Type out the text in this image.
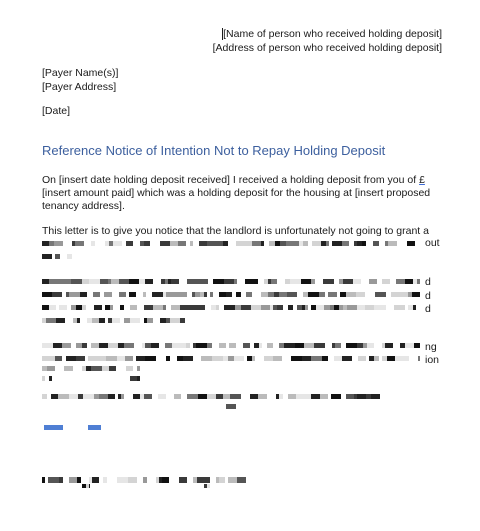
[Name of person who received holding deposit]
[Address of person who received holding deposit]
[Payer Name(s)]
[Payer Address]
[Date]
Reference Notice of Intention Not to Repay Holding Deposit
On [insert date holding deposit received] I received a holding deposit from you of £[insert amount paid] which was a holding deposit for the housing at [insert proposed tenancy address].
This letter is to give you notice that the landlord is unfortunately not going to grant a
out
d
d
d
ng
ion
